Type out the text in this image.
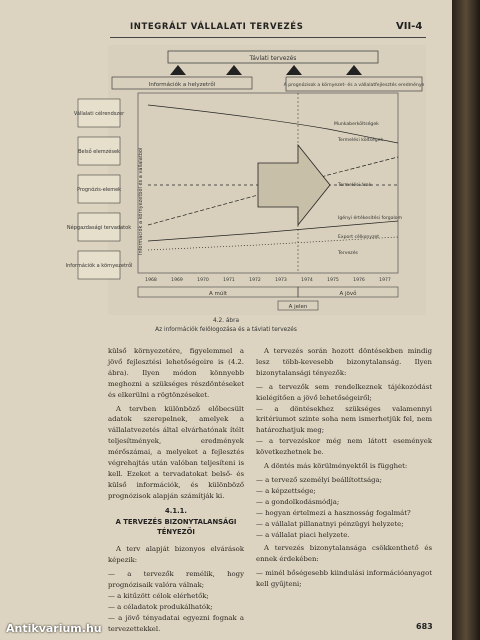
INTEGRÁLT VÁLLALATI TERVEZÉS	VII-4
Távlati tervezés
Információk a helyzetről	A prognózisok a környezet- és a vállalatfejlesztés eredménye
Vállalati célrendszer
Belső elemzések
Prognózis-elemek
Népgazdasági tervadatok
Információk a környezetről
Információk a környezetből és a vállalatból
Munkaberköltségek
Termelési költségek
Termelési árak
Igényi értékesítési forgalom
Export célkonyzet
Tervezés
1968	1969	1970	1971	1972	1973	1974	1975	1976	1977
A múlt	A jövő
A jelen
4.2. ábra
Az információk felölogozása és a távlati tervezés

külső környezetére, figyelemmel a jövő fejlesztési lehetőségeire is (4.2. ábra). Ilyen módon könnyebb meghozni a szükséges részdöntéseket és elkerülni a rögtönzéseket.

A tervben különböző előbecsült adatok szerepelnek, amelyek a vállalatvezetés által elvárhatónak ítélt teljesítmények, eredmények mérőszámai, a melyeket a fejlesztés végrehajtás után valóban teljesíteni is kell. Ezeket a tervadatokat belső- és külső információk, és különböző prognózisok alapján számítják ki.

4.1.1.
A TERVEZÉS BIZONYTALANSÁGI TÉNYEZŐI

A terv alapját bizonyos elvárások képezik:

— a tervezők remélik, hogy prognózisaik valóra válnak;
— a kitűzött célok elérhetők;
— a céladatok produkálhatók;
— a jövő tényadatai egyezni fognak a tervezettekkel.

A tervezés során hozott döntésekben mindig lesz több-kevesebb bizonytalanság. Ilyen bizonytalansági tényezők:

— a tervezők sem rendelkeznek tájékozódást kielégítően a jövő lehetőségeiről;
— a döntésekhez szükséges valamennyi kritériumot szinte soha nem ismerhetjük fel, nem határozhatjuk meg;
— a tervezéskor még nem látott események következhetnek be.

A döntés más körülményektől is függhet:

— a tervező személyi beállítottsága;
— a képzettsége;
— a gondolkodásmódja;
— hogyan értelmezi a hasznosság fogalmát?
— a vállalat pillanatnyi pénzügyi helyzete;
— a vállalat piaci helyzete.

A tervezés bizonytalansága csökkenthető és ennek érdekében:

— minél bőségesebb kiindulási információanyagot kell gyűjteni;
683
Antikvarium.hu
